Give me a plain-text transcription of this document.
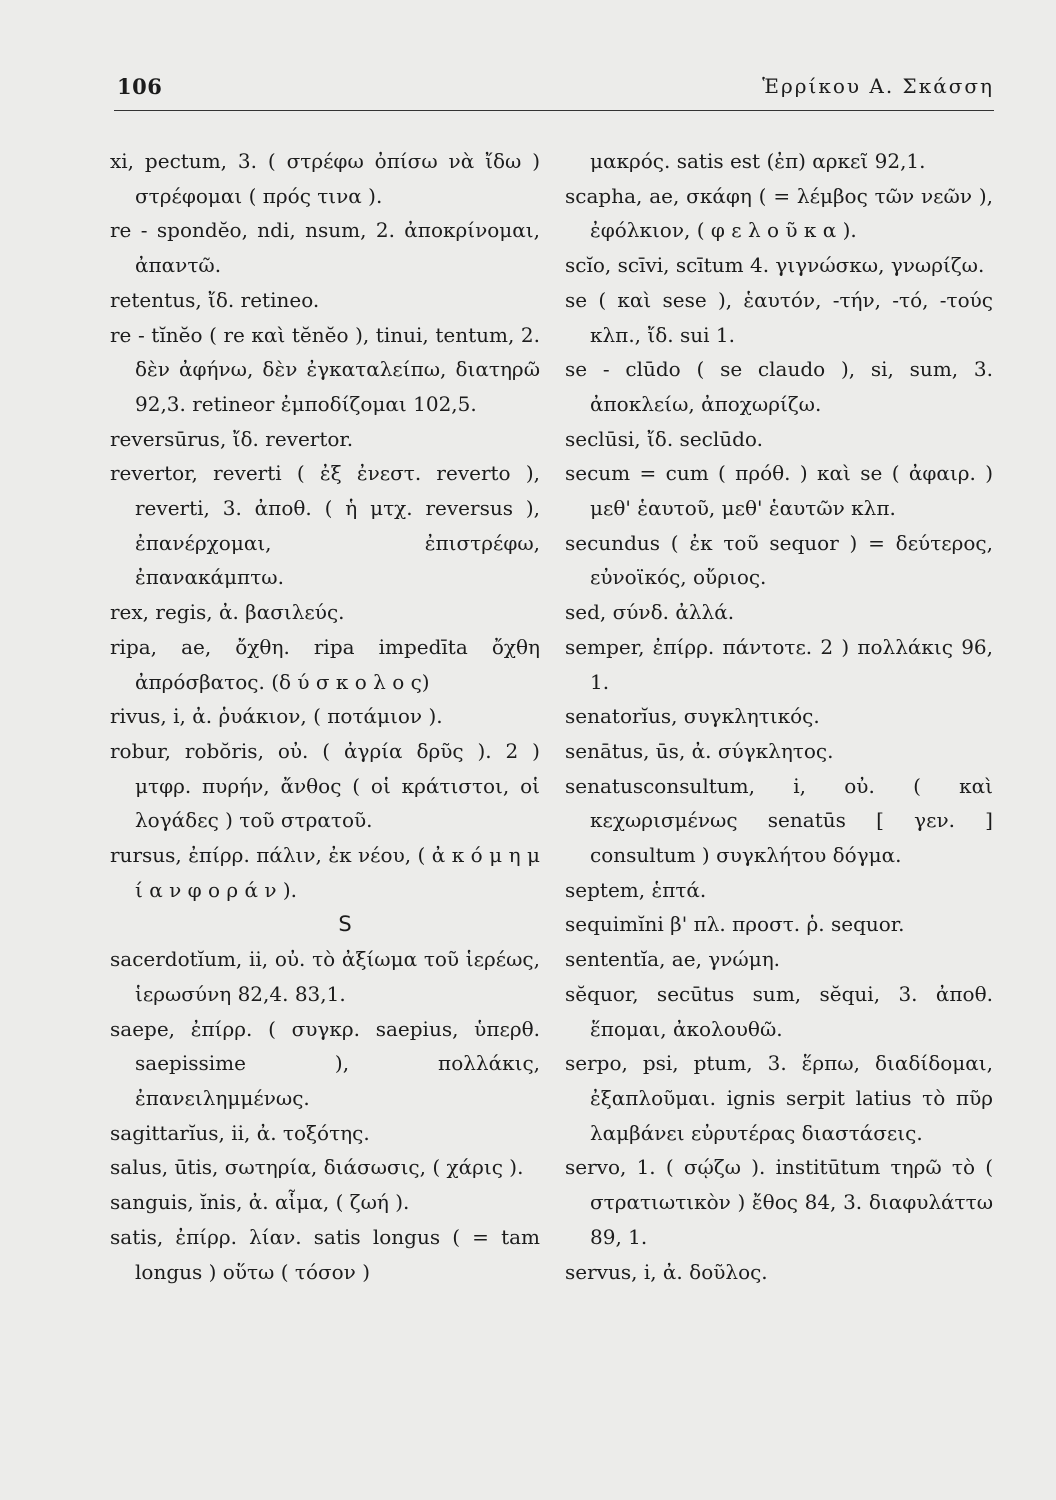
106	Ἑρρίκου Α. Σκάσση

xi, pectum, 3. ( στρέφω ὀπίσω νὰ ἴδω ) στρέφομαι ( πρός τινα ).

re - spondĕo, ndi, nsum, 2. ἀποκρίνομαι, ἀπαντῶ.

retentus, ἴδ. retineo.

re - tĭnĕo ( re καὶ tĕnĕo ), tinui, tentum, 2. δὲν ἀφήνω, δὲν ἐγκαταλείπω, διατηρῶ 92,3. retineor ἐμποδίζομαι 102,5.

reversūrus, ἴδ. revertor.

revertor, reverti ( ἐξ ἐνεστ. reverto ), reverti, 3. ἀποθ. ( ἡ μτχ. reversus ), ἐπανέρχομαι, ἐπιστρέφω, ἐπανακάμπτω.

rex, regis, ἀ. βασιλεύς.

ripa, ae, ὄχθη. ripa impedīta ὄχθη ἀπρόσβατος. (δ ύ σ κ ο λ ο ς)

rivus, i, ἀ. ῥυάκιον, ( ποτάμιον ).

robur, robŏris, οὐ. ( ἀγρία δρῦς ). 2 ) μτφρ. πυρήν, ἄνθος ( οἱ κράτιστοι, οἱ λογάδες ) τοῦ στρατοῦ.

rursus, ἐπίρρ. πάλιν, ἐκ νέου, ( ἀ κ ό μ η μ ί α ν φ ο ρ ά ν ).

S

sacerdotĭum, ii, οὐ. τὸ ἀξίωμα τοῦ ἱερέως, ἱερωσύνη 82,4. 83,1.

saepe, ἐπίρρ. ( συγκρ. saepius, ὑπερθ. saepissime ), πολλάκις, ἐπανειλημμένως.

sagittarĭus, ii, ἀ. τοξότης.

salus, ūtis, σωτηρία, διάσωσις, ( χάρις ).

sanguis, ĭnis, ἀ. αἷμα, ( ζωή ).

satis, ἐπίρρ. λίαν. satis longus ( = tam longus ) οὕτω ( τόσον )

μακρός. satis est (ἐπ) αρκεῖ 92,1.

scapha, ae, σκάφη ( = λέμβος τῶν νεῶν ), ἐφόλκιον, ( φ ε λ ο ῦ κ α ).

scĭo, scīvi, scītum 4. γιγνώσκω, γνωρίζω.

se ( καὶ sese ), ἑαυτόν, -τήν, -τό, -τούς κλπ., ἴδ. sui 1.

se - clūdo ( se claudo ), si, sum, 3. ἀποκλείω, ἀποχωρίζω.

seclūsi, ἴδ. seclūdo.

secum = cum ( πρόθ. ) καὶ se ( ἀφαιρ. ) μεθ' ἑαυτοῦ, μεθ' ἑαυτῶν κλπ.

secundus ( ἐκ τοῦ sequor ) = δεύτερος, εὐνοϊκός, οὔριος.

sed, σύνδ. ἀλλά.

semper, ἐπίρρ. πάντοτε. 2 ) πολλάκις 96, 1.

senatorĭus, συγκλητικός.

senātus, ūs, ἀ. σύγκλητος.

senatusconsultum, i, οὐ. ( καὶ κεχωρισμένως senatūs [ γεν. ] consultum ) συγκλήτου δόγμα.

septem, ἑπτά.

sequimĭni β' πλ. προστ. ῥ. sequor.

sententĭa, ae, γνώμη.

sĕquor, secūtus sum, sĕqui, 3. ἀποθ. ἕπομαι, ἀκολουθῶ.

serpo, psi, ptum, 3. ἕρπω, διαδίδομαι, ἐξαπλοῦμαι. ignis serpit latius τὸ πῦρ λαμβάνει εὐρυτέρας διαστάσεις.

servo, 1. ( σῴζω ). institūtum τηρῶ τὸ ( στρατιωτικὸν ) ἔθος 84, 3. διαφυλάττω 89, 1.

servus, i, ἀ. δοῦλος.
